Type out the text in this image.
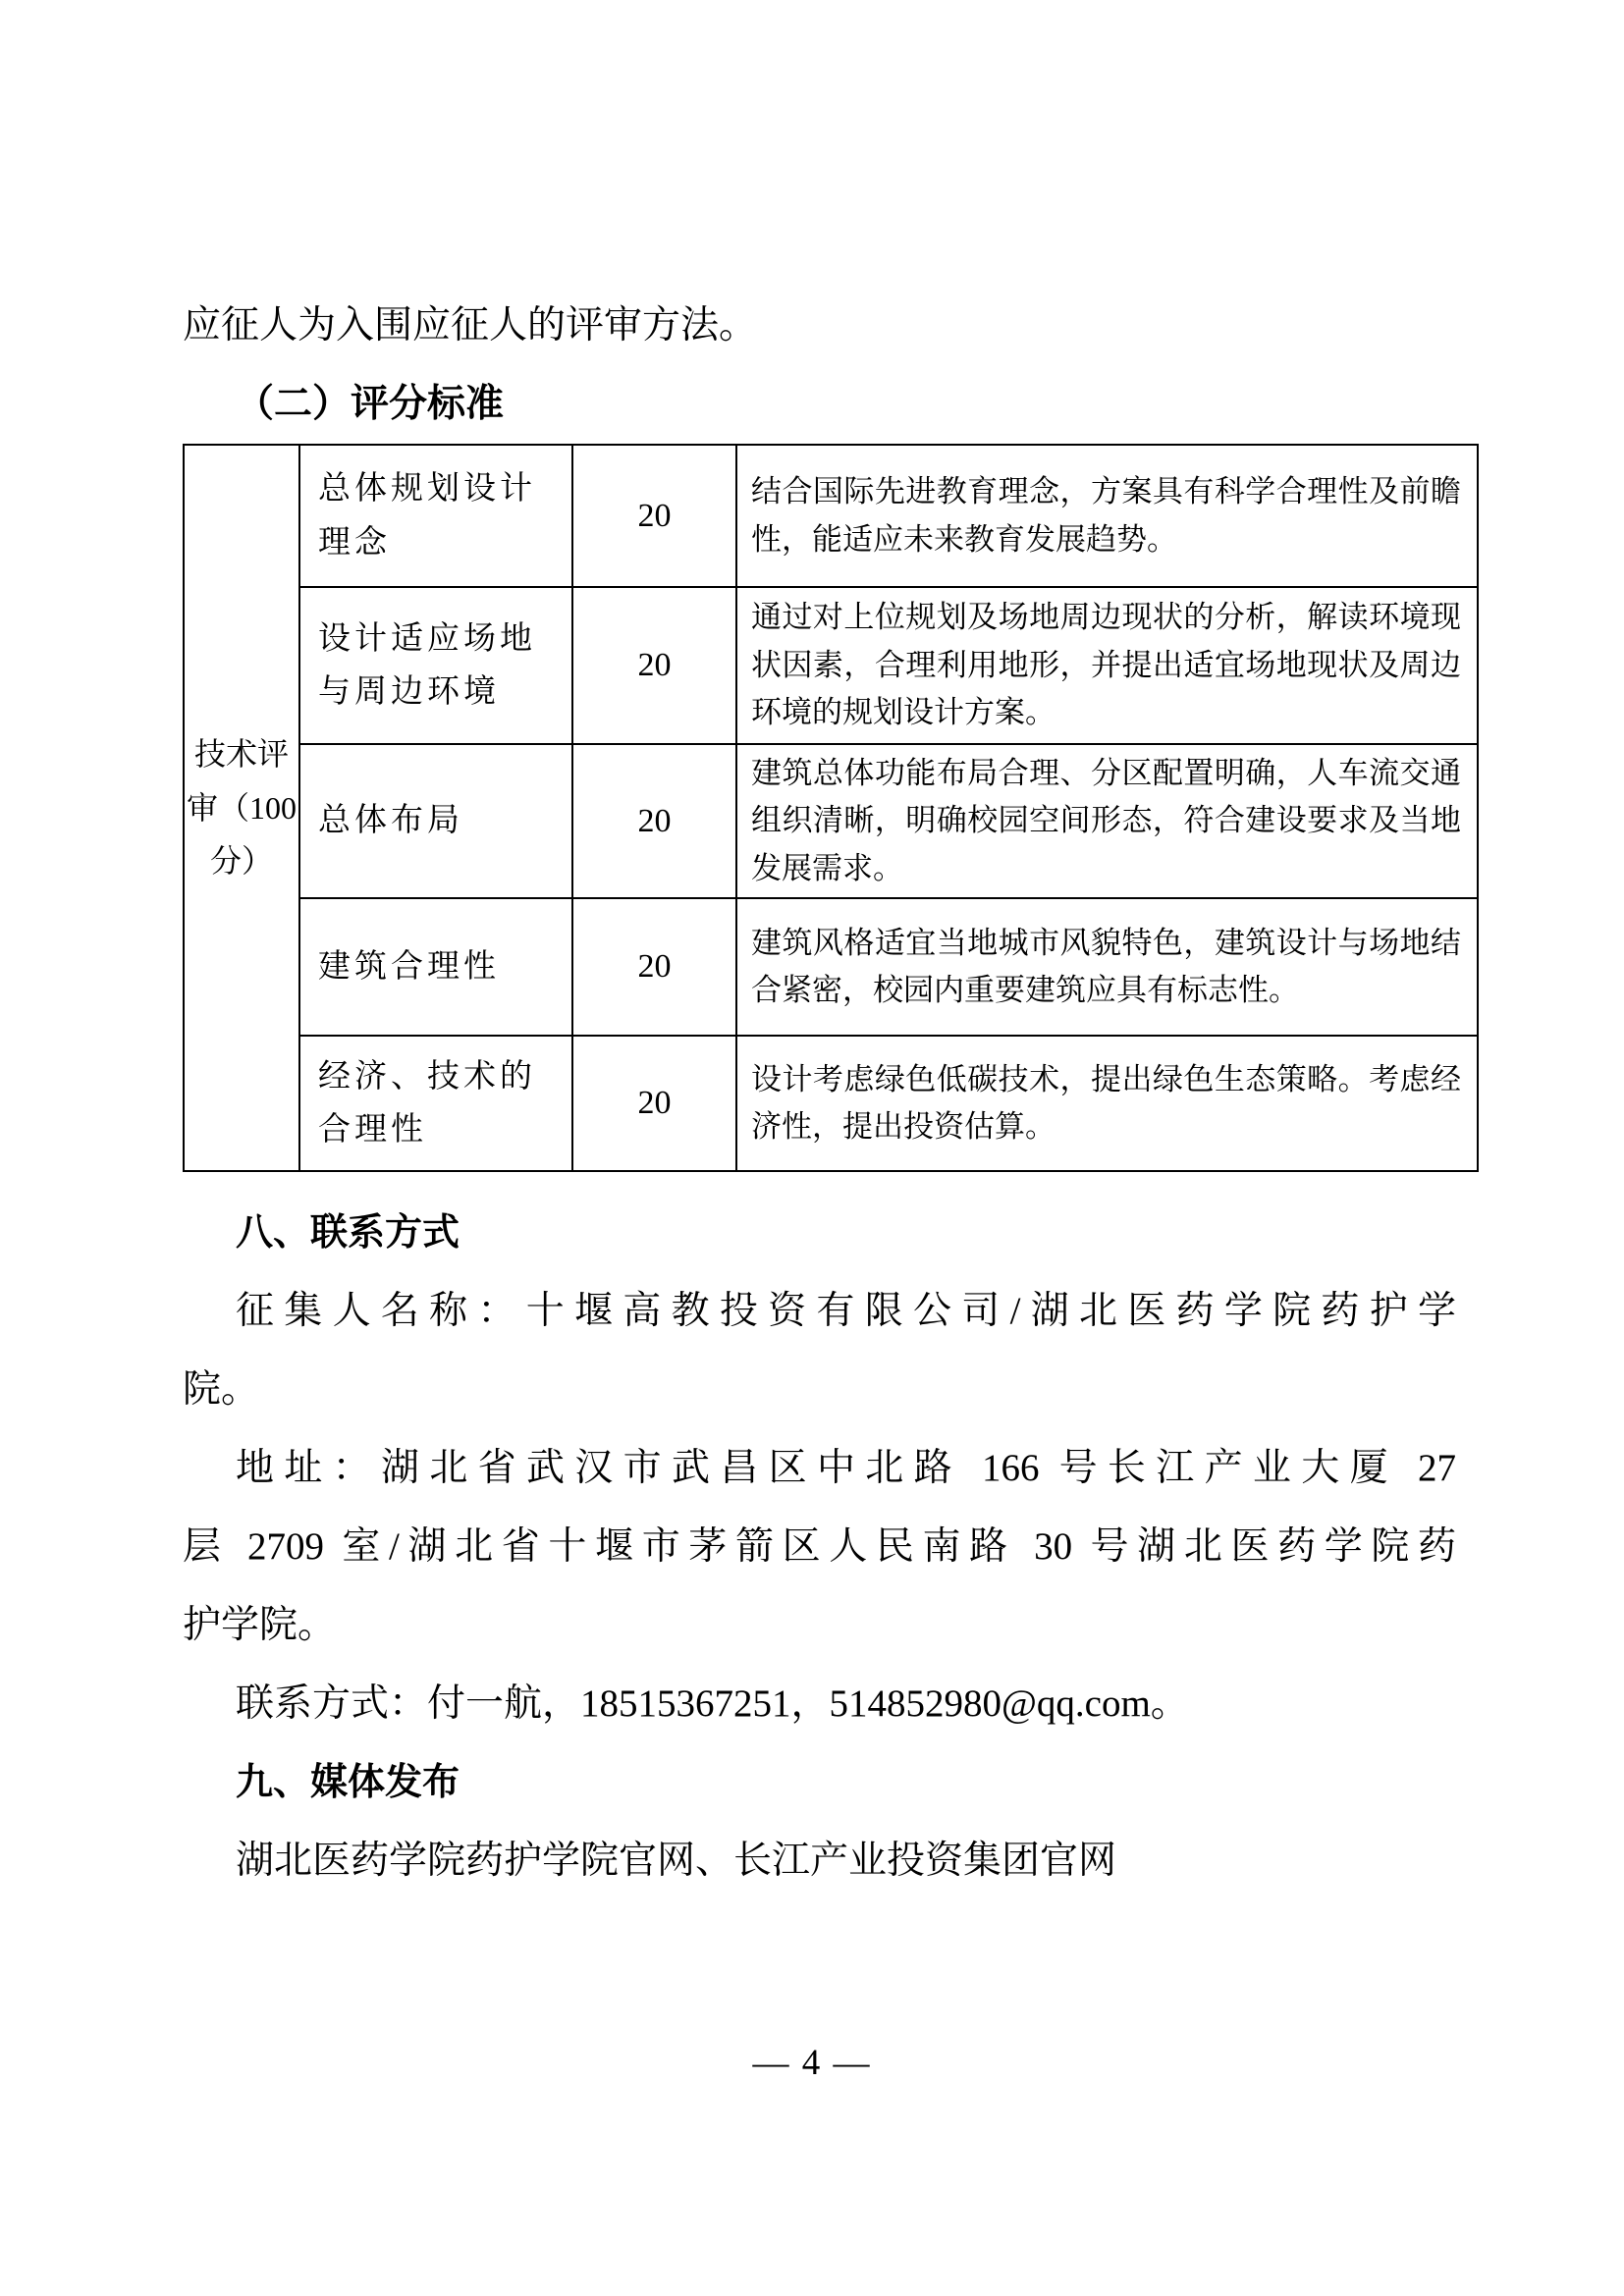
应征人为入围应征人的评审方法。
（二）评分标准
技术评审（100分）	总体规划设计理念	20	结合国际先进教育理念，方案具有科学合理性及前瞻性，能适应未来教育发展趋势。
	设计适应场地与周边环境	20	通过对上位规划及场地周边现状的分析，解读环境现状因素，合理利用地形，并提出适宜场地现状及周边环境的规划设计方案。
	总体布局	20	建筑总体功能布局合理、分区配置明确，人车流交通组织清晰，明确校园空间形态，符合建设要求及当地发展需求。
	建筑合理性	20	建筑风格适宜当地城市风貌特色，建筑设计与场地结合紧密，校园内重要建筑应具有标志性。
	经济、技术的合理性	20	设计考虑绿色低碳技术，提出绿色生态策略。考虑经济性，提出投资估算。
八、联系方式
征集人名称：十堰高教投资有限公司/湖北医药学院药护学
院。
地址：湖北省武汉市武昌区中北路 166 号长江产业大厦 27
层 2709 室/湖北省十堰市茅箭区人民南路 30 号湖北医药学院药
护学院。
联系方式：付一航，18515367251，514852980@qq.com。
九、媒体发布
湖北医药学院药护学院官网、长江产业投资集团官网
— 4 —
